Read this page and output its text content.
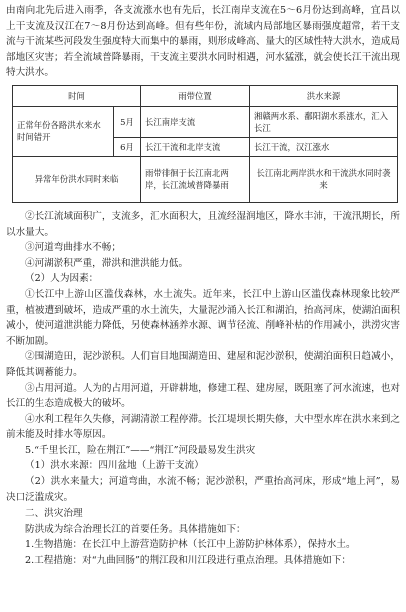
由南向北先后进入雨季，各支流涨水也有先后，长江南岸支流在5～6月份达到高峰，宜昌以上干支流及汉江在7～8月份达到高峰。但有些年份，流域内局部地区暴雨强度超常，若干支流与干流某些河段发生强度特大而集中的暴雨，则形成峰高、量大的区域性特大洪水，造成局部地区灾害；若全流域普降暴雨，干支流主要洪水同时相遇，河水猛涨，就会使长江干流出现特大洪水。

时间		雨带位置	洪水来源
正常年份各路洪水来水时间错开	5月	长江南岸支流	湘赣两水系、鄱阳湖水系涨水，汇入长江
	6月	长江干流和北岸支流	长江干流，汉江涨水
异常年份洪水同时来临		雨带徘徊于长江南北两岸，长江流域普降暴雨	长江南北两岸洪水和干流洪水同时袭来

②长江流域面积广，支流多，汇水面积大，且流经湿润地区，降水丰沛，干流汛期长，所以水量大。

③河道弯曲排水不畅；

④河湖淤积严重，滞洪和泄洪能力低。

（2）人为因素：

①长江中上游山区滥伐森林，水土流失。近年来，长江中上游山区滥伐森林现象比较严重，植被遭到破坏，造成严重的水土流失，大量泥沙涌入长江和湖泊，抬高河床，使湖泊面积减小，使河道泄洪能力降低，另使森林涵养水源、调节径流、削峰补枯的作用减小，洪涝灾害不断加剧。

②围湖造田，泥沙淤积。人们盲目地围湖造田、建屋和泥沙淤积，使湖泊面积日趋减小，降低其调蓄能力。

③占用河道。人为的占用河道，开辟耕地，修建工程、建房屋，既阻塞了河水流速，也对长江的生态造成极大的破坏。

④水利工程年久失修，河湖清淤工程停滞。长江堤坝长期失修，大中型水库在洪水来到之前未能及时排水等原因。

5.“千里长江，险在荆江”——“荆江”河段最易发生洪灾

（1）洪水来源：四川盆地（上游干支流）

（2）洪水来量大；河道弯曲，水流不畅；泥沙淤积，严重抬高河床，形成“地上河”，易决口泛滥成灾。

二、洪灾治理

防洪成为综合治理长江的首要任务。具体措施如下：

1.生物措施：在长江中上游营造防护林（长江中上游防护林体系），保持水土。

2.工程措施：对“九曲回肠”的荆江段和川江段进行重点治理。具体措施如下：
